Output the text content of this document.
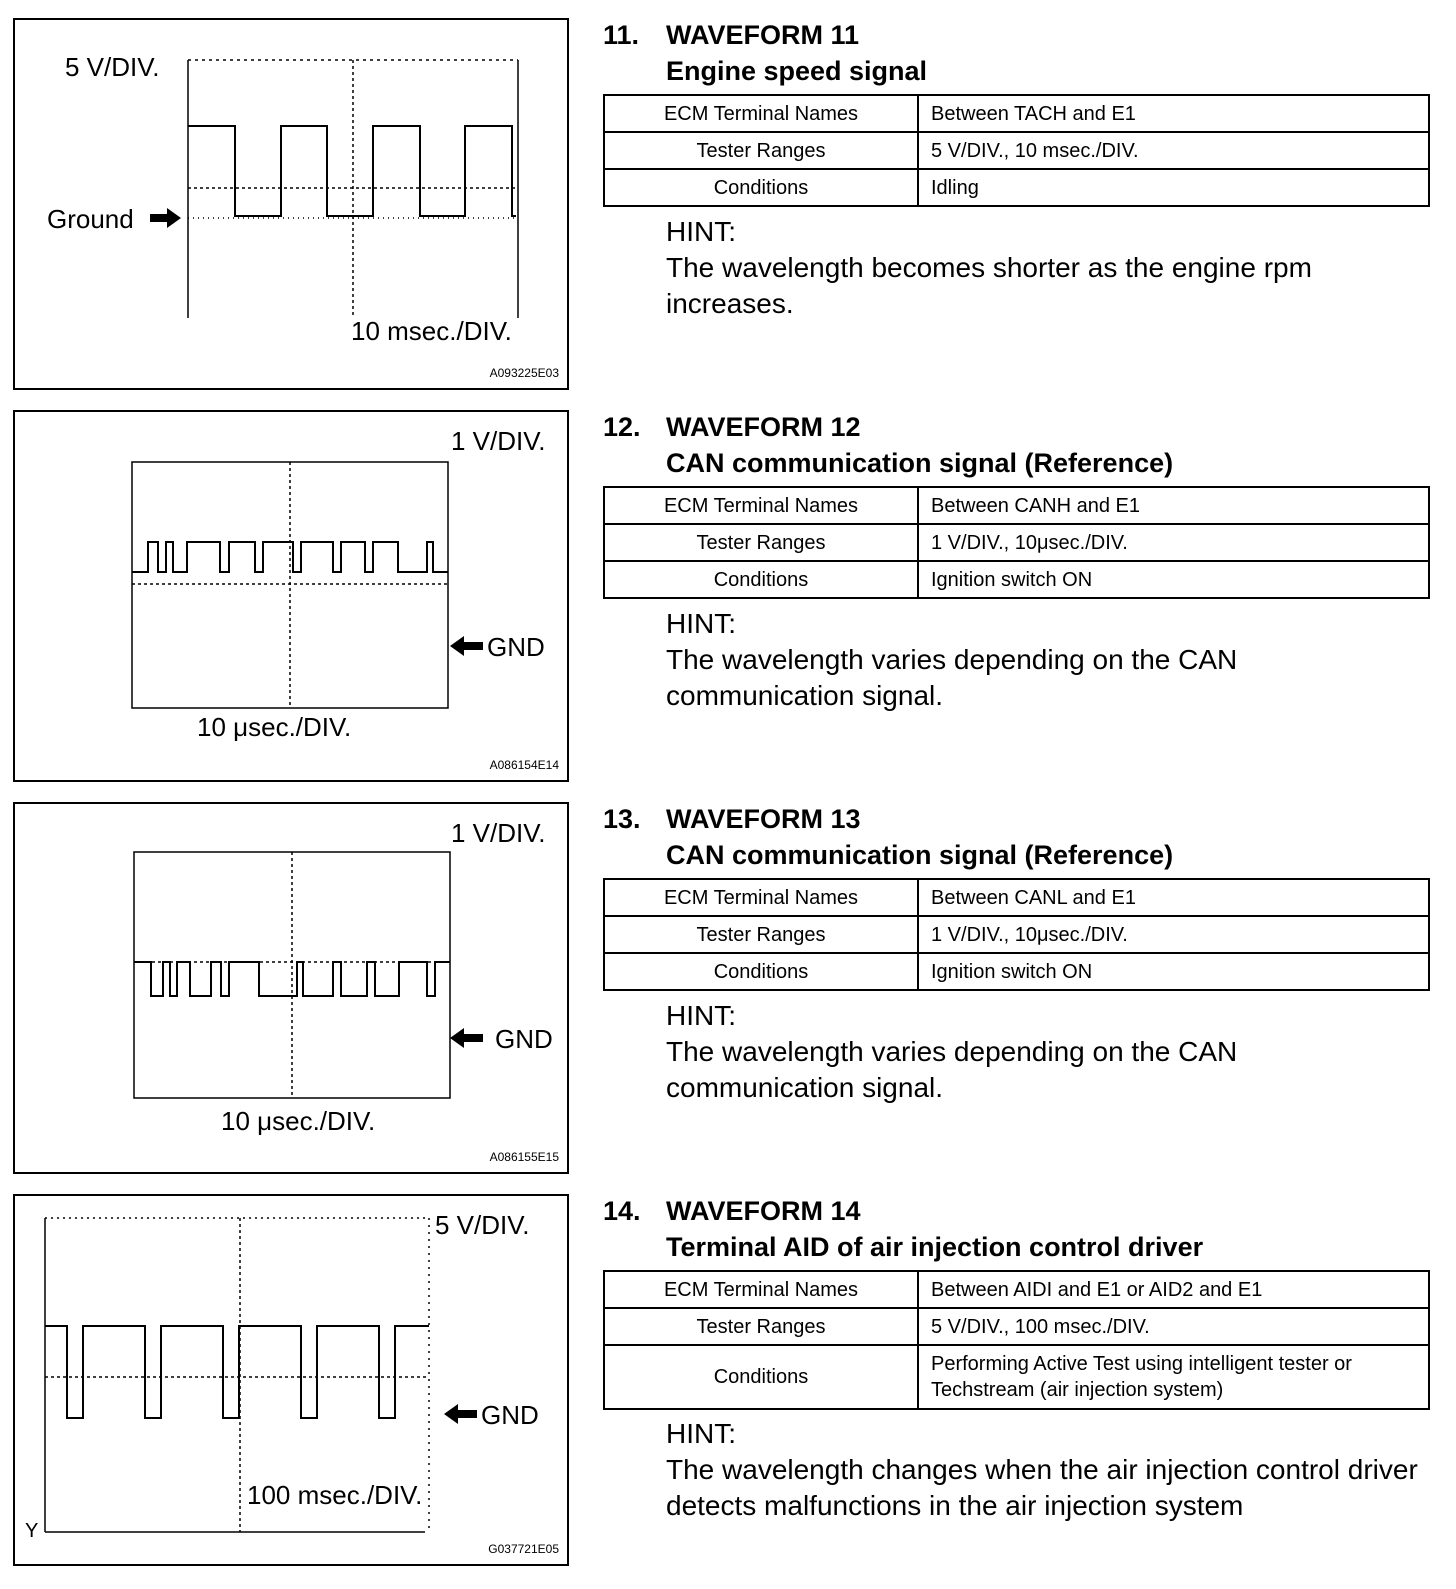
5 V/DIV.
Ground
10 msec./DIV.
A093225E03
11. WAVEFORM 11
Engine speed signal
ECM Terminal Names	Between TACH and E1
Tester Ranges	5 V/DIV., 10 msec./DIV.
Conditions	Idling
HINT:
The wavelength becomes shorter as the engine rpm increases.
1 V/DIV.
GND
10 μsec./DIV.
A086154E14
12. WAVEFORM 12
CAN communication signal (Reference)
ECM Terminal Names	Between CANH and E1
Tester Ranges	1 V/DIV., 10μsec./DIV.
Conditions	Ignition switch ON
HINT:
The wavelength varies depending on the CAN communication signal.
1 V/DIV.
GND
10 μsec./DIV.
A086155E15
13. WAVEFORM 13
CAN communication signal (Reference)
ECM Terminal Names	Between CANL and E1
Tester Ranges	1 V/DIV., 10μsec./DIV.
Conditions	Ignition switch ON
HINT:
The wavelength varies depending on the CAN communication signal.
5 V/DIV.
GND
100 msec./DIV.
Y
G037721E05
14. WAVEFORM 14
Terminal AID of air injection control driver
ECM Terminal Names	Between AIDI and E1 or AID2 and E1
Tester Ranges	5 V/DIV., 100 msec./DIV.
Conditions	Performing Active Test using intelligent tester or Techstream (air injection system)
HINT:
The wavelength changes when the air injection control driver detects malfunctions in the air injection system
